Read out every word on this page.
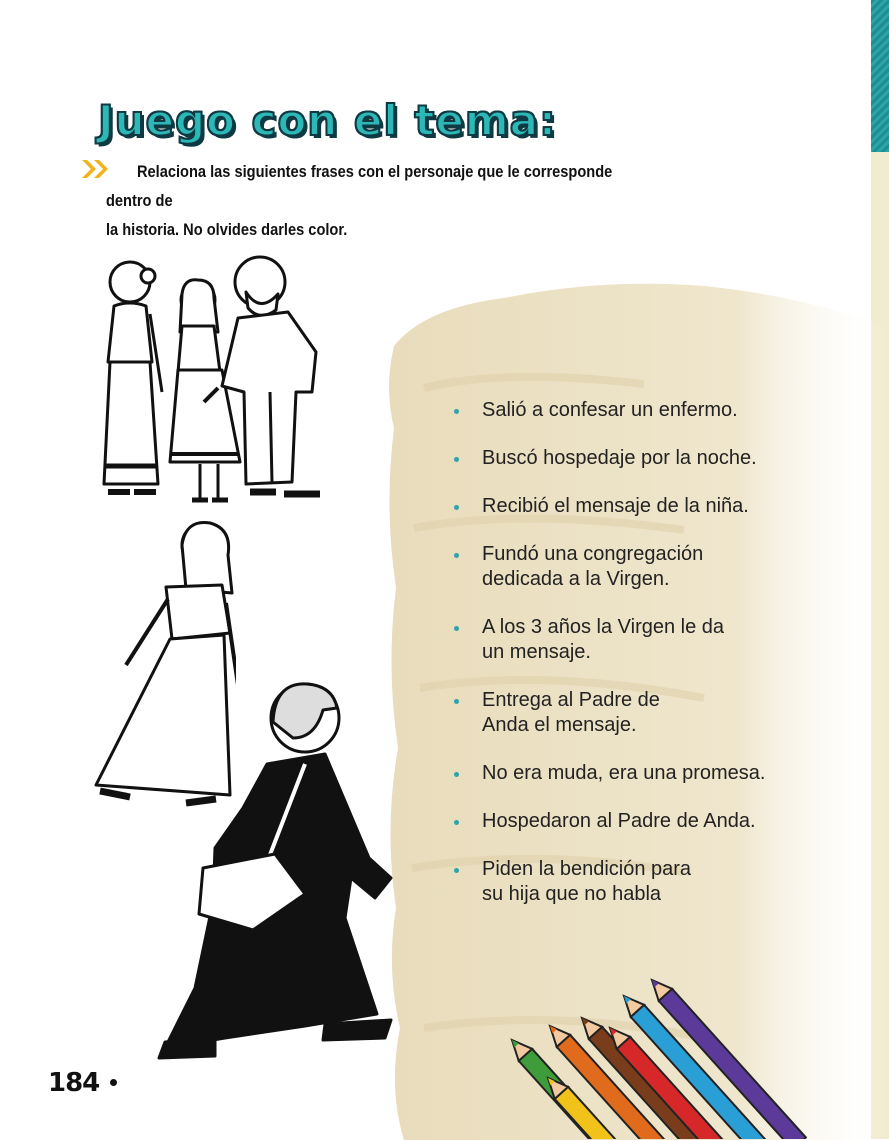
Juego con el tema:

Relaciona las siguientes frases con el personaje que le corresponde dentro de
la historia. No olvides darles color.

Salió a confesar un enfermo.
Buscó hospedaje por la noche.
Recibió el mensaje de la niña.
Fundó una congregación
dedicada a la Virgen.
A los 3 años la Virgen le da
un mensaje.
Entrega al Padre de
Anda el mensaje.
No era muda, era una promesa.
Hospedaron al Padre de Anda.
Piden la bendición para
su hija que no habla

184
